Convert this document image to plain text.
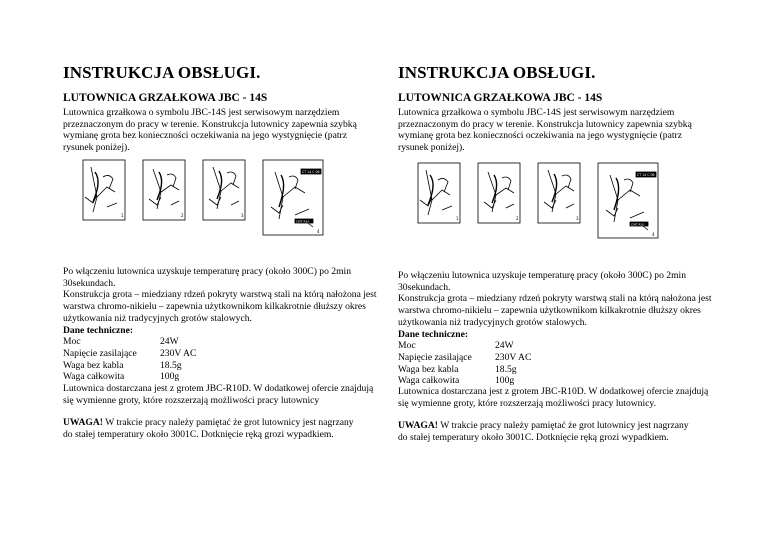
INSTRUKCJA OBSŁUGI.
LUTOWNICA GRZAŁKOWA JBC - 14S
Lutownica grzałkowa o symbolu JBC-14S jest serwisowym narzędziem
przeznaczonym do pracy w terenie. Konstrukcja lutownicy zapewnia szybką
wymianę grota bez konieczności oczekiwania na jego wystygnięcie (patrz
rysunek poniżej).
1	2	3
4
CT 14 C 06
CMT R10
Po włączeniu lutownica uzyskuje temperaturę pracy (około 300C) po 2min
30sekundach.
Konstrukcja grota – miedziany rdzeń pokryty warstwą stali na którą nałożona jest
warstwa chromo-nikielu – zapewnia użytkownikom kilkakrotnie dłuższy okres
użytkowania niż tradycyjnych grotów stalowych.
Dane techniczne:
Moc	24W
Napięcie zasilające	230V AC
Waga bez kabla	18.5g
Waga całkowita	100g
Lutownica dostarczana jest z grotem JBC-R10D. W dodatkowej ofercie znajdują
się wymienne groty, które rozszerzają możliwości pracy lutownicy
UWAGA! W trakcie pracy należy pamiętać że grot lutownicy jest nagrzany
do stałej temperatury około 3001C. Dotknięcie ręką grozi wypadkiem.
INSTRUKCJA OBSŁUGI.
LUTOWNICA GRZAŁKOWA JBC - 14S
Lutownica grzałkowa o symbolu JBC-14S jest serwisowym narzędziem
przeznaczonym do pracy w terenie. Konstrukcja lutownicy zapewnia szybką
wymianę grota bez konieczności oczekiwania na jego wystygnięcie (patrz
rysunek poniżej).
1	2	3
4
CT 14 C 06
CMT R10
Po włączeniu lutownica uzyskuje temperaturę pracy (około 300C) po 2min
30sekundach.
Konstrukcja grota – miedziany rdzeń pokryty warstwą stali na którą nałożona jest
warstwa chromo-nikielu – zapewnia użytkownikom kilkakrotnie dłuższy okres
użytkowania niż tradycyjnych grotów stalowych.
Dane techniczne:
Moc	24W
Napięcie zasilające	230V AC
Waga bez kabla	18.5g
Waga całkowita	100g
Lutownica dostarczana jest z grotem JBC-R10D. W dodatkowej ofercie znajdują
się wymienne groty, które rozszerzają możliwości pracy lutownicy.
UWAGA! W trakcie pracy należy pamiętać że grot lutownicy jest nagrzany
do stałej temperatury około 3001C. Dotknięcie ręką grozi wypadkiem.
